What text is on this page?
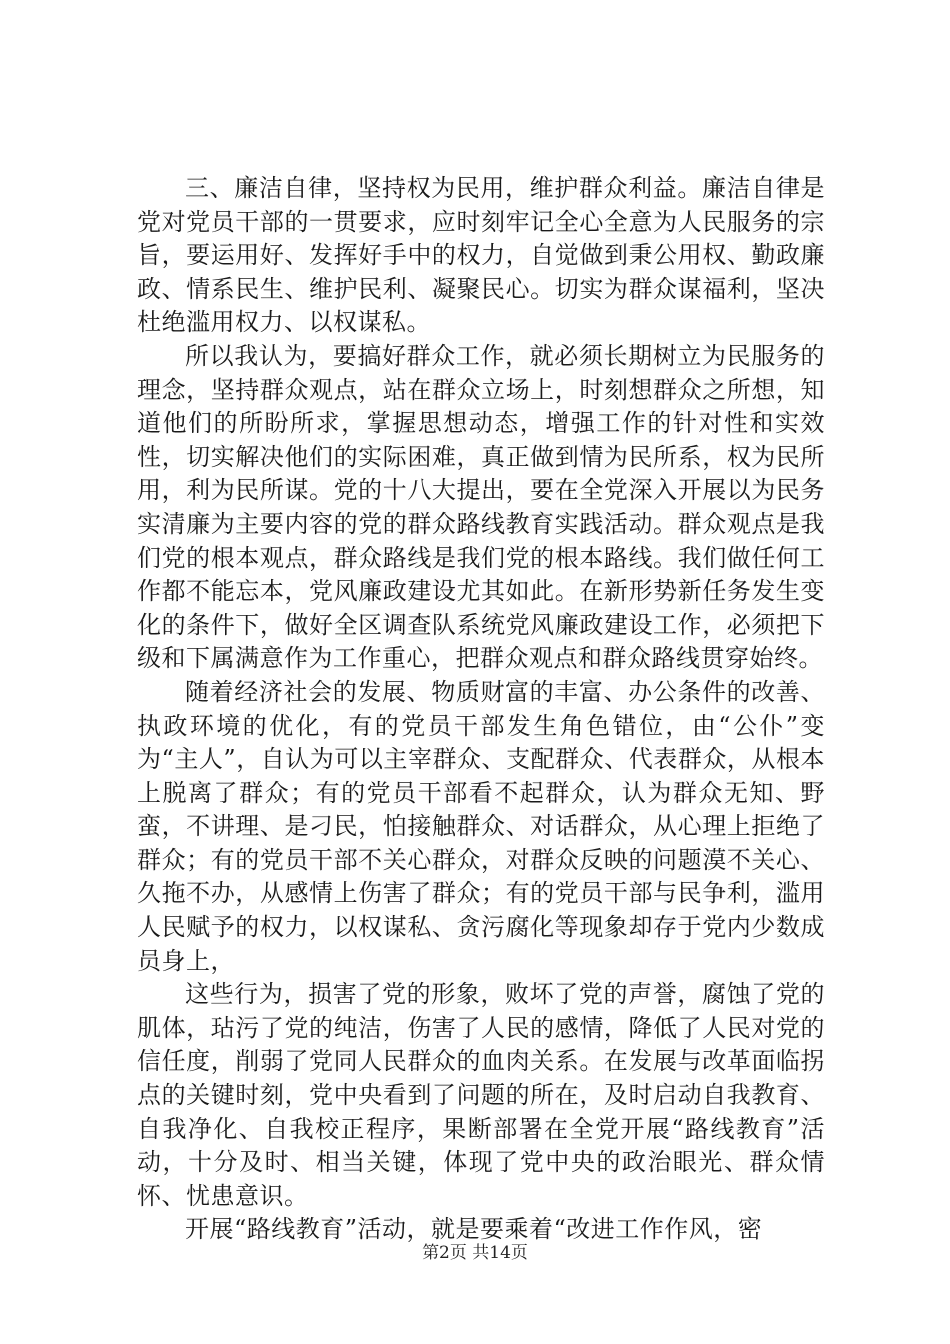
三、廉洁自律，坚持权为民用，维护群众利益。廉洁自律是党对党员干部的一贯要求，应时刻牢记全心全意为人民服务的宗旨，要运用好、发挥好手中的权力，自觉做到秉公用权、勤政廉政、情系民生、维护民利、凝聚民心。切实为群众谋福利，坚决杜绝滥用权力、以权谋私。

所以我认为，要搞好群众工作，就必须长期树立为民服务的理念，坚持群众观点，站在群众立场上，时刻想群众之所想，知道他们的所盼所求，掌握思想动态，增强工作的针对性和实效性，切实解决他们的实际困难，真正做到情为民所系，权为民所用，利为民所谋。党的十八大提出，要在全党深入开展以为民务实清廉为主要内容的党的群众路线教育实践活动。群众观点是我们党的根本观点，群众路线是我们党的根本路线。我们做任何工作都不能忘本，党风廉政建设尤其如此。在新形势新任务发生变化的条件下，做好全区调查队系统党风廉政建设工作，必须把下级和下属满意作为工作重心，把群众观点和群众路线贯穿始终。

随着经济社会的发展、物质财富的丰富、办公条件的改善、执政环境的优化，有的党员干部发生角色错位，由“公仆”变为“主人”，自认为可以主宰群众、支配群众、代表群众，从根本上脱离了群众；有的党员干部看不起群众，认为群众无知、野蛮，不讲理、是刁民，怕接触群众、对话群众，从心理上拒绝了群众；有的党员干部不关心群众，对群众反映的问题漠不关心、久拖不办，从感情上伤害了群众；有的党员干部与民争利，滥用人民赋予的权力，以权谋私、贪污腐化等现象却存于党内少数成员身上，

这些行为，损害了党的形象，败坏了党的声誉，腐蚀了党的肌体，玷污了党的纯洁，伤害了人民的感情，降低了人民对党的信任度，削弱了党同人民群众的血肉关系。在发展与改革面临拐点的关键时刻，党中央看到了问题的所在，及时启动自我教育、自我净化、自我校正程序，果断部署在全党开展“路线教育”活动，十分及时、相当关键，体现了党中央的政治眼光、群众情怀、忧患意识。

开展“路线教育”活动，就是要乘着“改进工作作风，密

第2页 共14页
